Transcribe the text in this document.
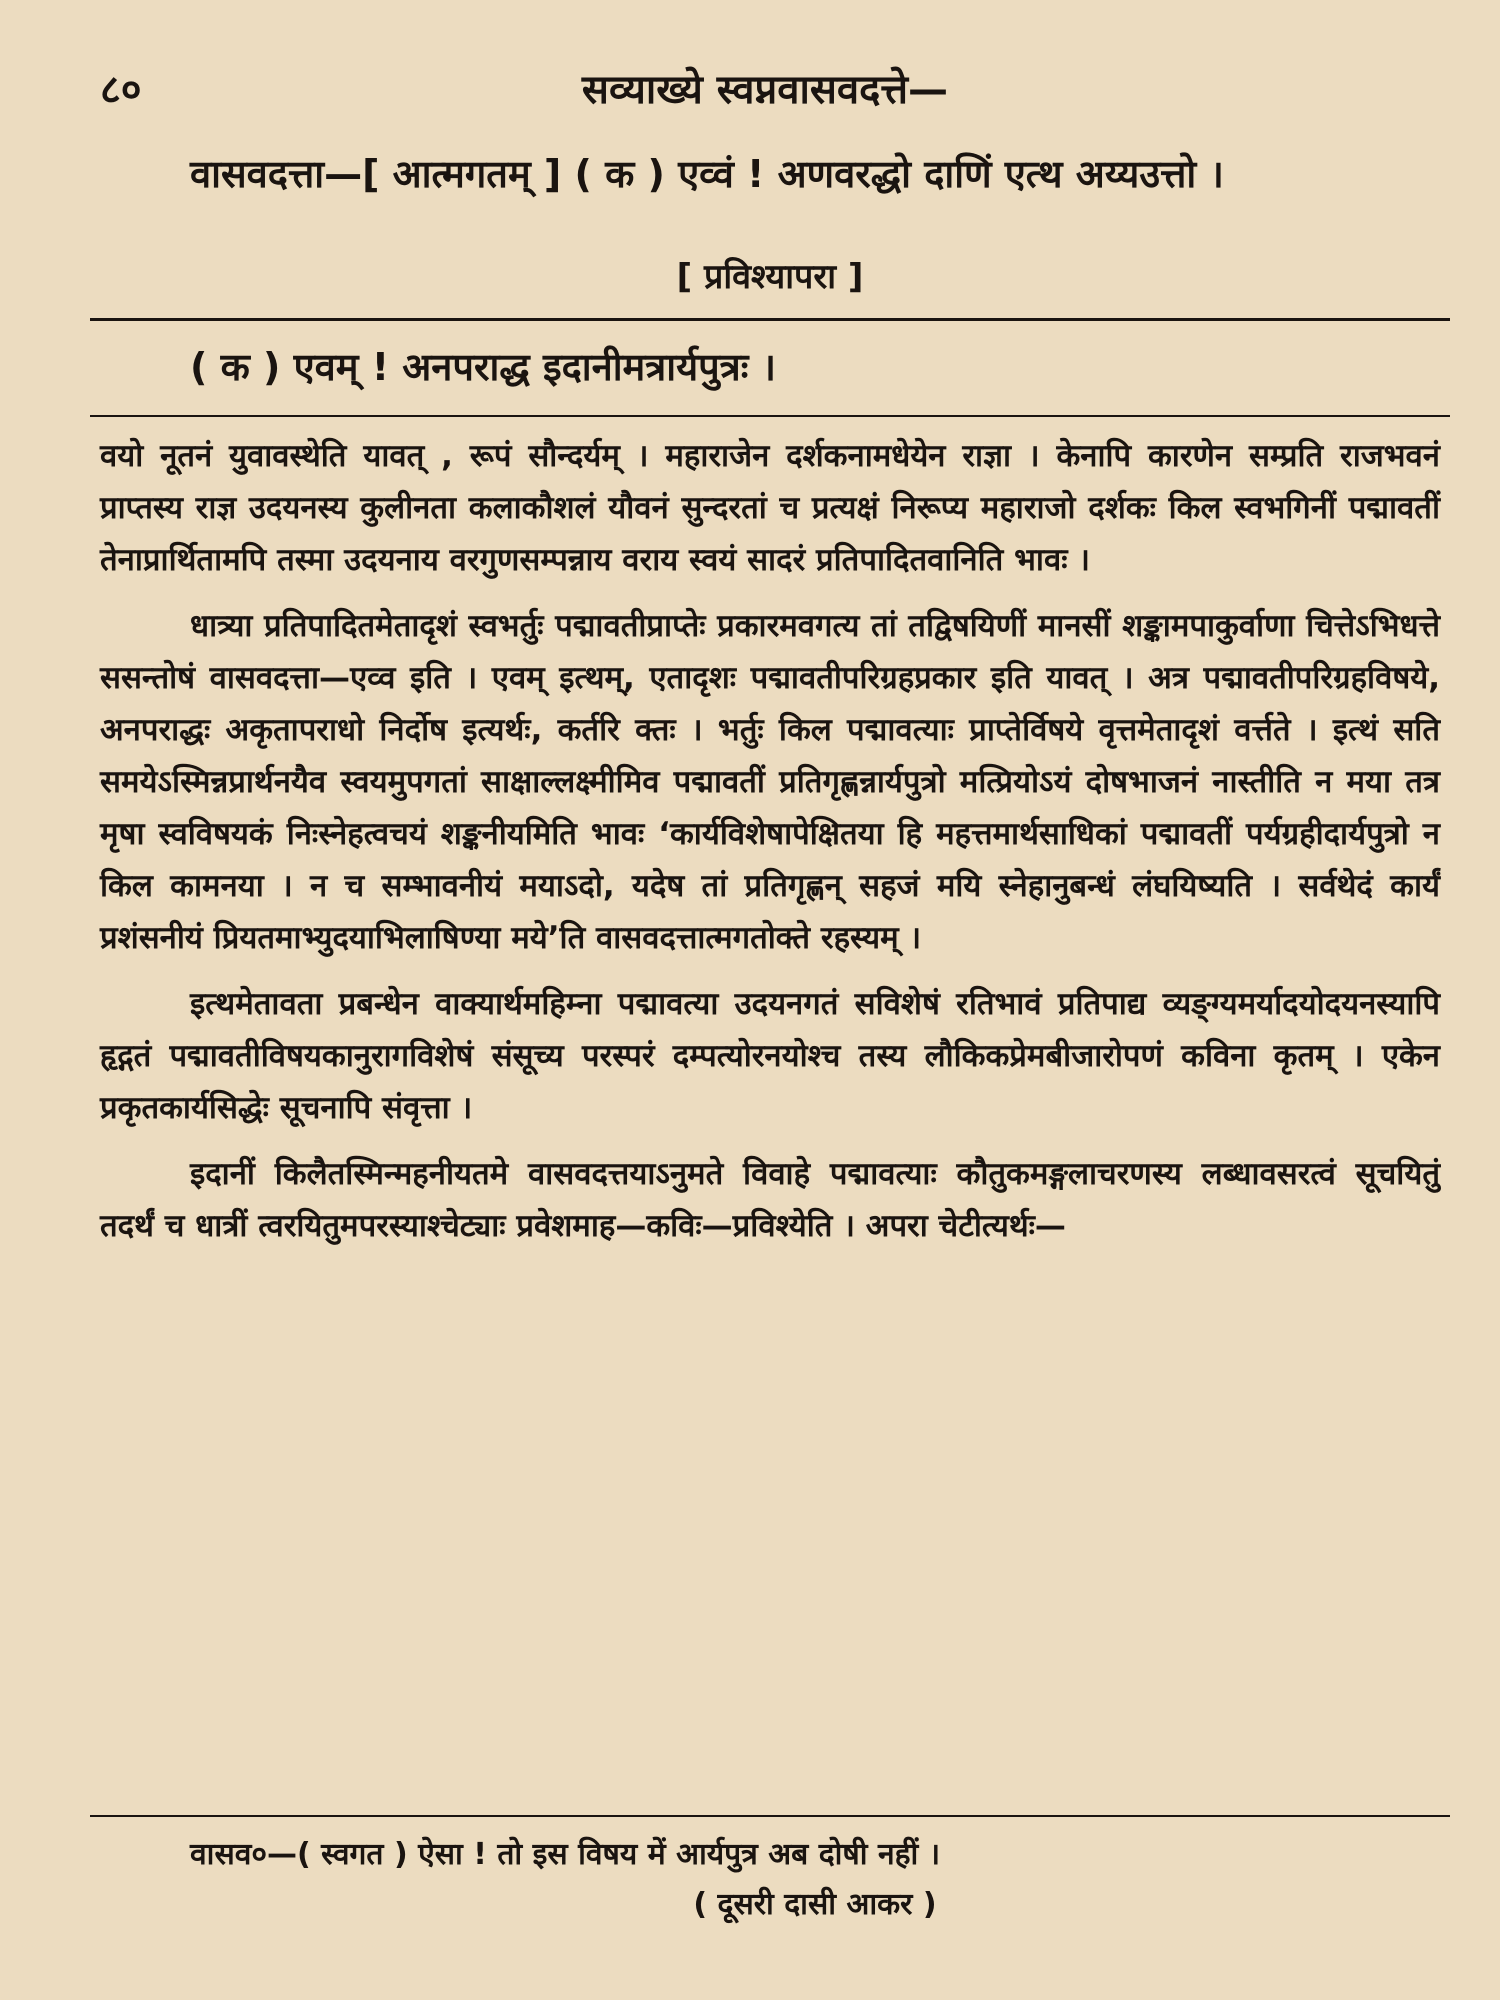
८०	सव्याख्ये स्वप्नवासवदत्ते—

वासवदत्ता—[ आत्मगतम् ] ( क ) एव्वं ! अणवरद्धो दाणिं एत्थ अय्यउत्तो ।

[ प्रविश्यापरा ]
( क ) एवम् ! अनपराद्ध इदानीमत्रार्यपुत्रः ।

वयो नूतनं युवावस्थेति यावत् , रूपं सौन्दर्यम् । महाराजेन दर्शकनामधेयेन राज्ञा । केनापि कारणेन सम्प्रति राजभवनं प्राप्तस्य राज्ञ उदयनस्य कुलीनता कलाकौशलं यौवनं सुन्दरतां च प्रत्यक्षं निरूप्य महाराजो दर्शकः किल स्वभगिनीं पद्मावतीं तेनाप्रार्थितामपि तस्मा उदयनाय वरगुणसम्पन्नाय वराय स्वयं सादरं प्रतिपादितवानिति भावः ।

धात्र्या प्रतिपादितमेतादृशं स्वभर्तुः पद्मावतीप्राप्तेः प्रकारमवगत्य तां तद्विषयिणीं मानसीं शङ्कामपाकुर्वाणा चित्तेऽभिधत्ते ससन्तोषं वासवदत्ता—एव्व इति । एवम् इत्थम्, एतादृशः पद्मावतीपरिग्रहप्रकार इति यावत् । अत्र पद्मावतीपरिग्रहविषये, अनपराद्धः अकृतापराधो निर्दोष इत्यर्थः, कर्तरि क्तः । भर्तुः किल पद्मावत्याः प्राप्तेर्विषये वृत्तमेतादृशं वर्त्तते । इत्थं सति समयेऽस्मिन्नप्रार्थनयैव स्वयमुपगतां साक्षाल्लक्ष्मीमिव पद्मावतीं प्रतिगृह्णन्नार्यपुत्रो मत्प्रियोऽयं दोषभाजनं नास्तीति न मया तत्र मृषा स्वविषयकं निःस्नेहत्वचयं शङ्कनीयमिति भावः ‘कार्यविशेषापेक्षितया हि महत्तमार्थसाधिकां पद्मावतीं पर्यग्रहीदार्यपुत्रो न किल कामनया । न च सम्भावनीयं मयाऽदो, यदेष तां प्रतिगृह्णन् सहजं मयि स्नेहानुबन्धं लंघयिष्यति । सर्वथेदं कार्यं प्रशंसनीयं प्रियतमाभ्युदयाभिलाषिण्या मये’ति वासवदत्तात्मगतोक्ते रहस्यम् ।

इत्थमेतावता प्रबन्धेन वाक्यार्थमहिम्ना पद्मावत्या उदयनगतं सविशेषं रतिभावं प्रतिपाद्य व्यङ्ग्यमर्यादयोदयनस्यापि हृद्गतं पद्मावतीविषयकानुरागविशेषं संसूच्य परस्परं दम्पत्योरनयोश्च तस्य लौकिकप्रेमबीजारोपणं कविना कृतम् । एकेन प्रकृतकार्यसिद्धेः सूचनापि संवृत्ता ।

इदानीं किलैतस्मिन्महनीयतमे वासवदत्तयाऽनुमते विवाहे पद्मावत्याः कौतुकमङ्गलाचरणस्य लब्धावसरत्वं सूचयितुं तदर्थं च धात्रीं त्वरयितुमपरस्याश्चेट्याः प्रवेशमाह—कविः—प्रविश्येति । अपरा चेटीत्यर्थः—

वासव०—( स्वगत ) ऐसा ! तो इस विषय में आर्यपुत्र अब दोषी नहीं ।
( दूसरी दासी आकर )
